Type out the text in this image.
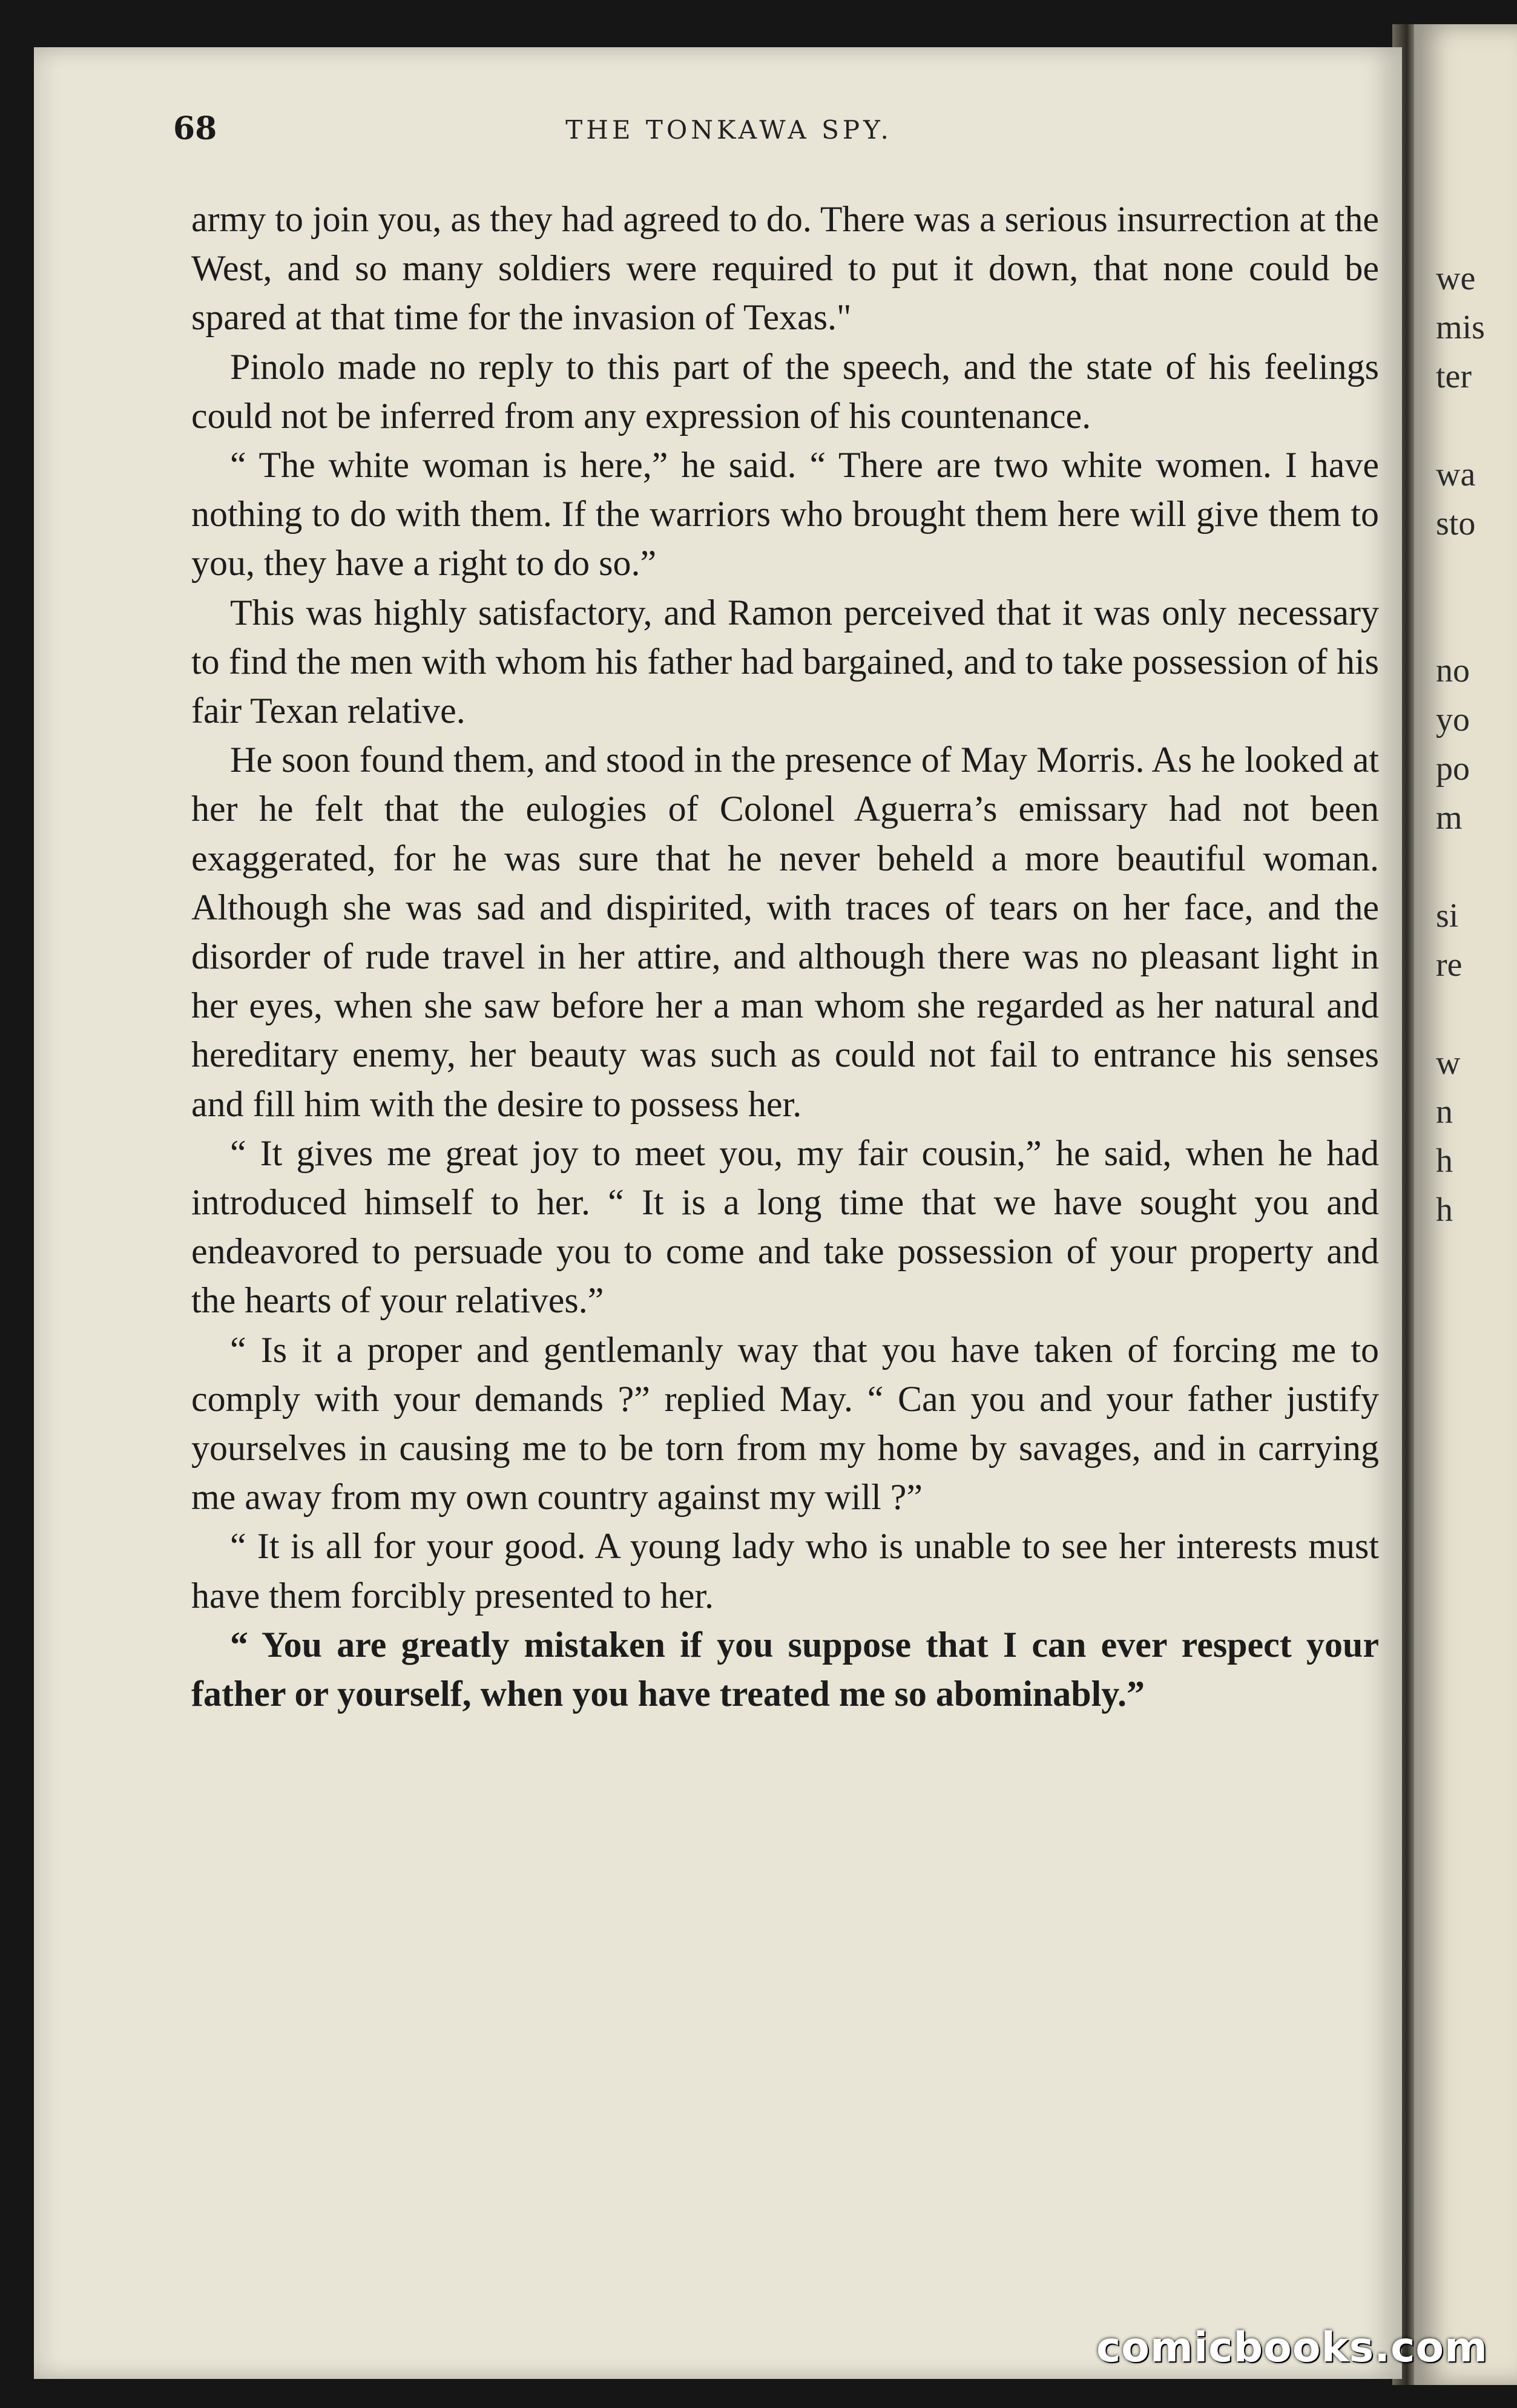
we
mis
ter

wa
sto

no
yo
po
m

si
re

w
n
h
h
68	THE TONKAWA SPY.

army to join you, as they had agreed to do. There was a serious insurrection at the West, and so many soldiers were required to put it down, that none could be spared at that time for the invasion of Texas."

Pinolo made no reply to this part of the speech, and the state of his feelings could not be inferred from any expression of his countenance.

“ The white woman is here,” he said. “ There are two white women. I have nothing to do with them. If the warriors who brought them here will give them to you, they have a right to do so.”

This was highly satisfactory, and Ramon perceived that it was only necessary to find the men with whom his father had bargained, and to take possession of his fair Texan relative.

He soon found them, and stood in the presence of May Morris. As he looked at her he felt that the eulogies of Colonel Aguerra’s emissary had not been exaggerated, for he was sure that he never beheld a more beautiful woman. Although she was sad and dispirited, with traces of tears on her face, and the disorder of rude travel in her attire, and although there was no pleasant light in her eyes, when she saw before her a man whom she regarded as her natural and hereditary enemy, her beauty was such as could not fail to entrance his senses and fill him with the desire to possess her.

“ It gives me great joy to meet you, my fair cousin,” he said, when he had introduced himself to her. “ It is a long time that we have sought you and endeavored to persuade you to come and take possession of your property and the hearts of your relatives.”

“ Is it a proper and gentlemanly way that you have taken of forcing me to comply with your demands ?” replied May. “ Can you and your father justify yourselves in causing me to be torn from my home by savages, and in carrying me away from my own country against my will ?”

“ It is all for your good. A young lady who is unable to see her interests must have them forcibly presented to her.

“ You are greatly mistaken if you suppose that I can ever respect your father or yourself, when you have treated me so abominably.”

comicbooks.com
